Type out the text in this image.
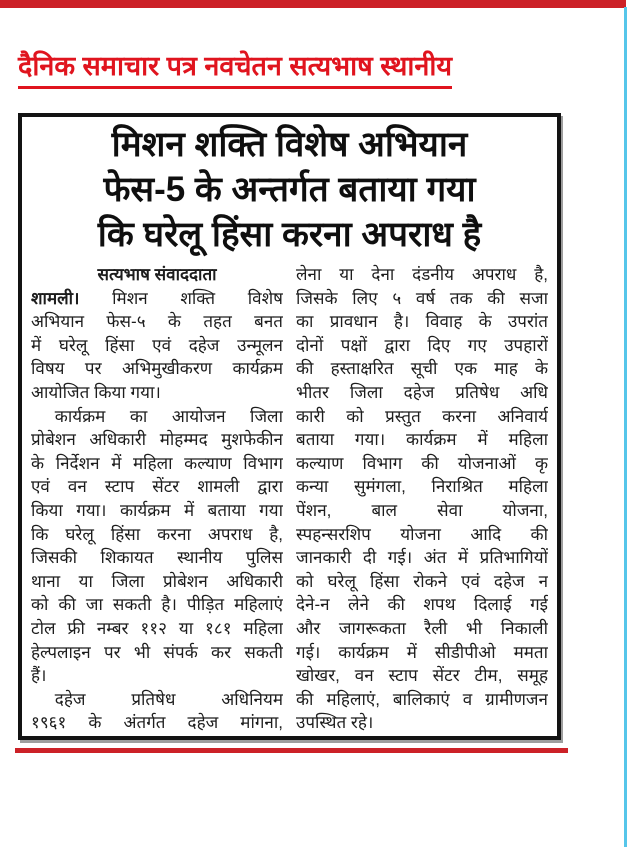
दैनिक समाचार पत्र नवचेतन सत्यभाष स्थानीय
मिशन शक्ति विशेष अभियान
फेस-5 के अन्तर्गत बताया गया
कि घरेलू हिंसा करना अपराध है
सत्यभाष संवाददाता
शामली। मिशन शक्ति विशेष
अभियान फेस-५ के तहत बनत
में घरेलू हिंसा एवं दहेज उन्मूलन
विषय पर अभिमुखीकरण कार्यक्रम
आयोजित किया गया।
कार्यक्रम का आयोजन जिला
प्रोबेशन अधिकारी मोहम्मद मुशफेकीन
के निर्देशन में महिला कल्याण विभाग
एवं वन स्टाप सेंटर शामली द्वारा
किया गया। कार्यक्रम में बताया गया
कि घरेलू हिंसा करना अपराध है,
जिसकी शिकायत स्थानीय पुलिस
थाना या जिला प्रोबेशन अधिकारी
को की जा सकती है। पीड़ित महिलाएं
टोल फ्री नम्बर ११२ या १८१ महिला
हेल्पलाइन पर भी संपर्क कर सकती
हैं।
दहेज प्रतिषेध अधिनियम
१९६१ के अंतर्गत दहेज मांगना,
लेना या देना दंडनीय अपराध है,
जिसके लिए ५ वर्ष तक की सजा
का प्रावधान है। विवाह के उपरांत
दोनों पक्षों द्वारा दिए गए उपहारों
की हस्ताक्षरित सूची एक माह के
भीतर जिला दहेज प्रतिषेध अधि
कारी को प्रस्तुत करना अनिवार्य
बताया गया। कार्यक्रम में महिला
कल्याण विभाग की योजनाओं कृ
कन्या सुमंगला, निराश्रित महिला
पेंशन, बाल सेवा योजना,
स्पहन्सरशिप योजना आदि की
जानकारी दी गई। अंत में प्रतिभागियों
को घरेलू हिंसा रोकने एवं दहेज न
देने-न लेने की शपथ दिलाई गई
और जागरूकता रैली भी निकाली
गई। कार्यक्रम में सीडीपीओ ममता
खोखर, वन स्टाप सेंटर टीम, समूह
की महिलाएं, बालिकाएं व ग्रामीणजन
उपस्थित रहे।
